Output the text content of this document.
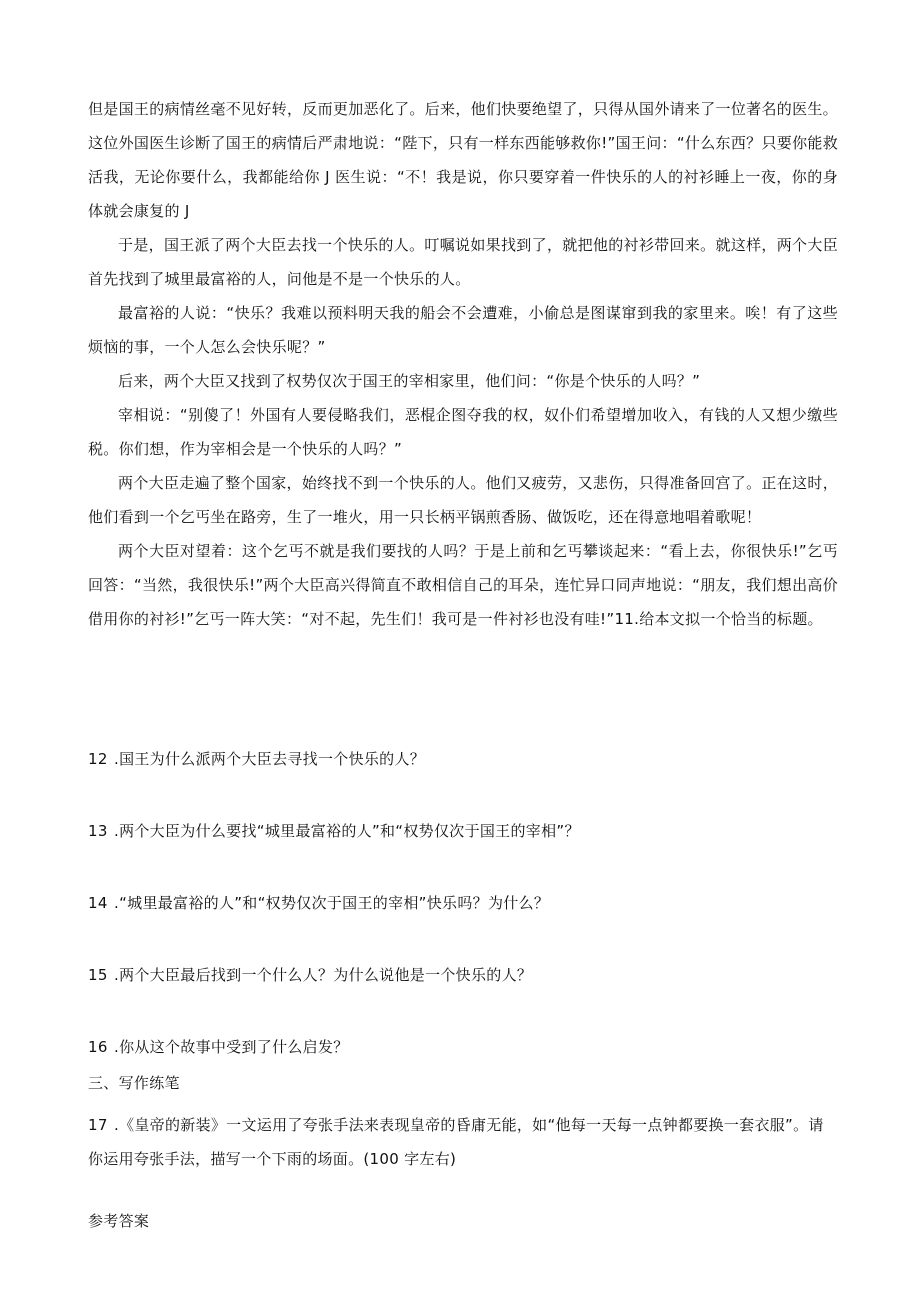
但是国王的病情丝毫不见好转，反而更加恶化了。后来，他们快要绝望了，只得从国外请来了一位著名的医生。这位外国医生诊断了国王的病情后严肃地说：“陛下，只有一样东西能够救你!”国王问：“什么东西？只要你能救活我，无论你要什么，我都能给你 J 医生说：“不！我是说，你只要穿着一件快乐的人的衬衫睡上一夜，你的身体就会康复的 J

于是，国王派了两个大臣去找一个快乐的人。叮嘱说如果找到了，就把他的衬衫带回来。就这样，两个大臣首先找到了城里最富裕的人，问他是不是一个快乐的人。

最富裕的人说：“快乐？我难以预料明天我的船会不会遭难，小偷总是图谋窜到我的家里来。唉！有了这些烦恼的事，一个人怎么会快乐呢？”

后来，两个大臣又找到了权势仅次于国王的宰相家里，他们问：“你是个快乐的人吗？”

宰相说：“别傻了！外国有人要侵略我们，恶棍企图夺我的权，奴仆们希望增加收入，有钱的人又想少缴些税。你们想，作为宰相会是一个快乐的人吗？”

两个大臣走遍了整个国家，始终找不到一个快乐的人。他们又疲劳，又悲伤，只得准备回宫了。正在这时，他们看到一个乞丐坐在路旁，生了一堆火，用一只长柄平锅煎香肠、做饭吃，还在得意地唱着歌呢！

两个大臣对望着：这个乞丐不就是我们要找的人吗？于是上前和乞丐攀谈起来：“看上去，你很快乐!”乞丐回答：“当然，我很快乐!”两个大臣高兴得简直不敢相信自己的耳朵，连忙异口同声地说：“朋友，我们想出高价借用你的衬衫!”乞丐一阵大笑：“对不起，先生们！我可是一件衬衫也没有哇!”11.给本文拟一个恰当的标题。

12 .国王为什么派两个大臣去寻找一个快乐的人？

13 .两个大臣为什么要找“城里最富裕的人”和“权势仅次于国王的宰相”？

14 .“城里最富裕的人”和“权势仅次于国王的宰相”快乐吗？为什么？

15 .两个大臣最后找到一个什么人？为什么说他是一个快乐的人？

16 .你从这个故事中受到了什么启发？

三、写作练笔

17 .《皇帝的新装》一文运用了夸张手法来表现皇帝的昏庸无能，如“他每一天每一点钟都要换一套衣服”。请你运用夸张手法，描写一个下雨的场面。(100 字左右)

参考答案
